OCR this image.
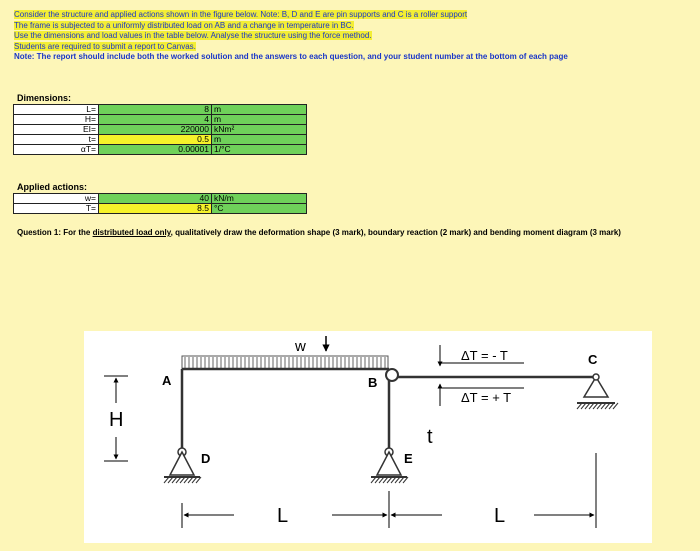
Consider the structure and applied actions shown in the figure below. Note: B, D and E are pin supports and C is a roller support
The frame is subjected to a uniformly distributed load on AB and a change in temperature in BC.
Use the dimensions and load values in the table below. Analyse the structure using the force method.
Students are required to submit a report to Canvas.
Note: The report should include both the worked solution and the answers to each question, and your student number at the bottom of each page
Dimensions:
L=	8	m
H=	4	m
EI=	220000	kNm²
t=	0.5	m
αT=	0.00001	1/°C
Applied actions:
w=	40	kN/m
T=	8.5	°C
Question 1: For the distributed load only, qualitatively draw the deformation shape (3 mark), boundary reaction (2 mark) and bending moment diagram (3 mark)
w
A	B
C
D	E
H
t
L	L
ΔT = - T
ΔT = + T
